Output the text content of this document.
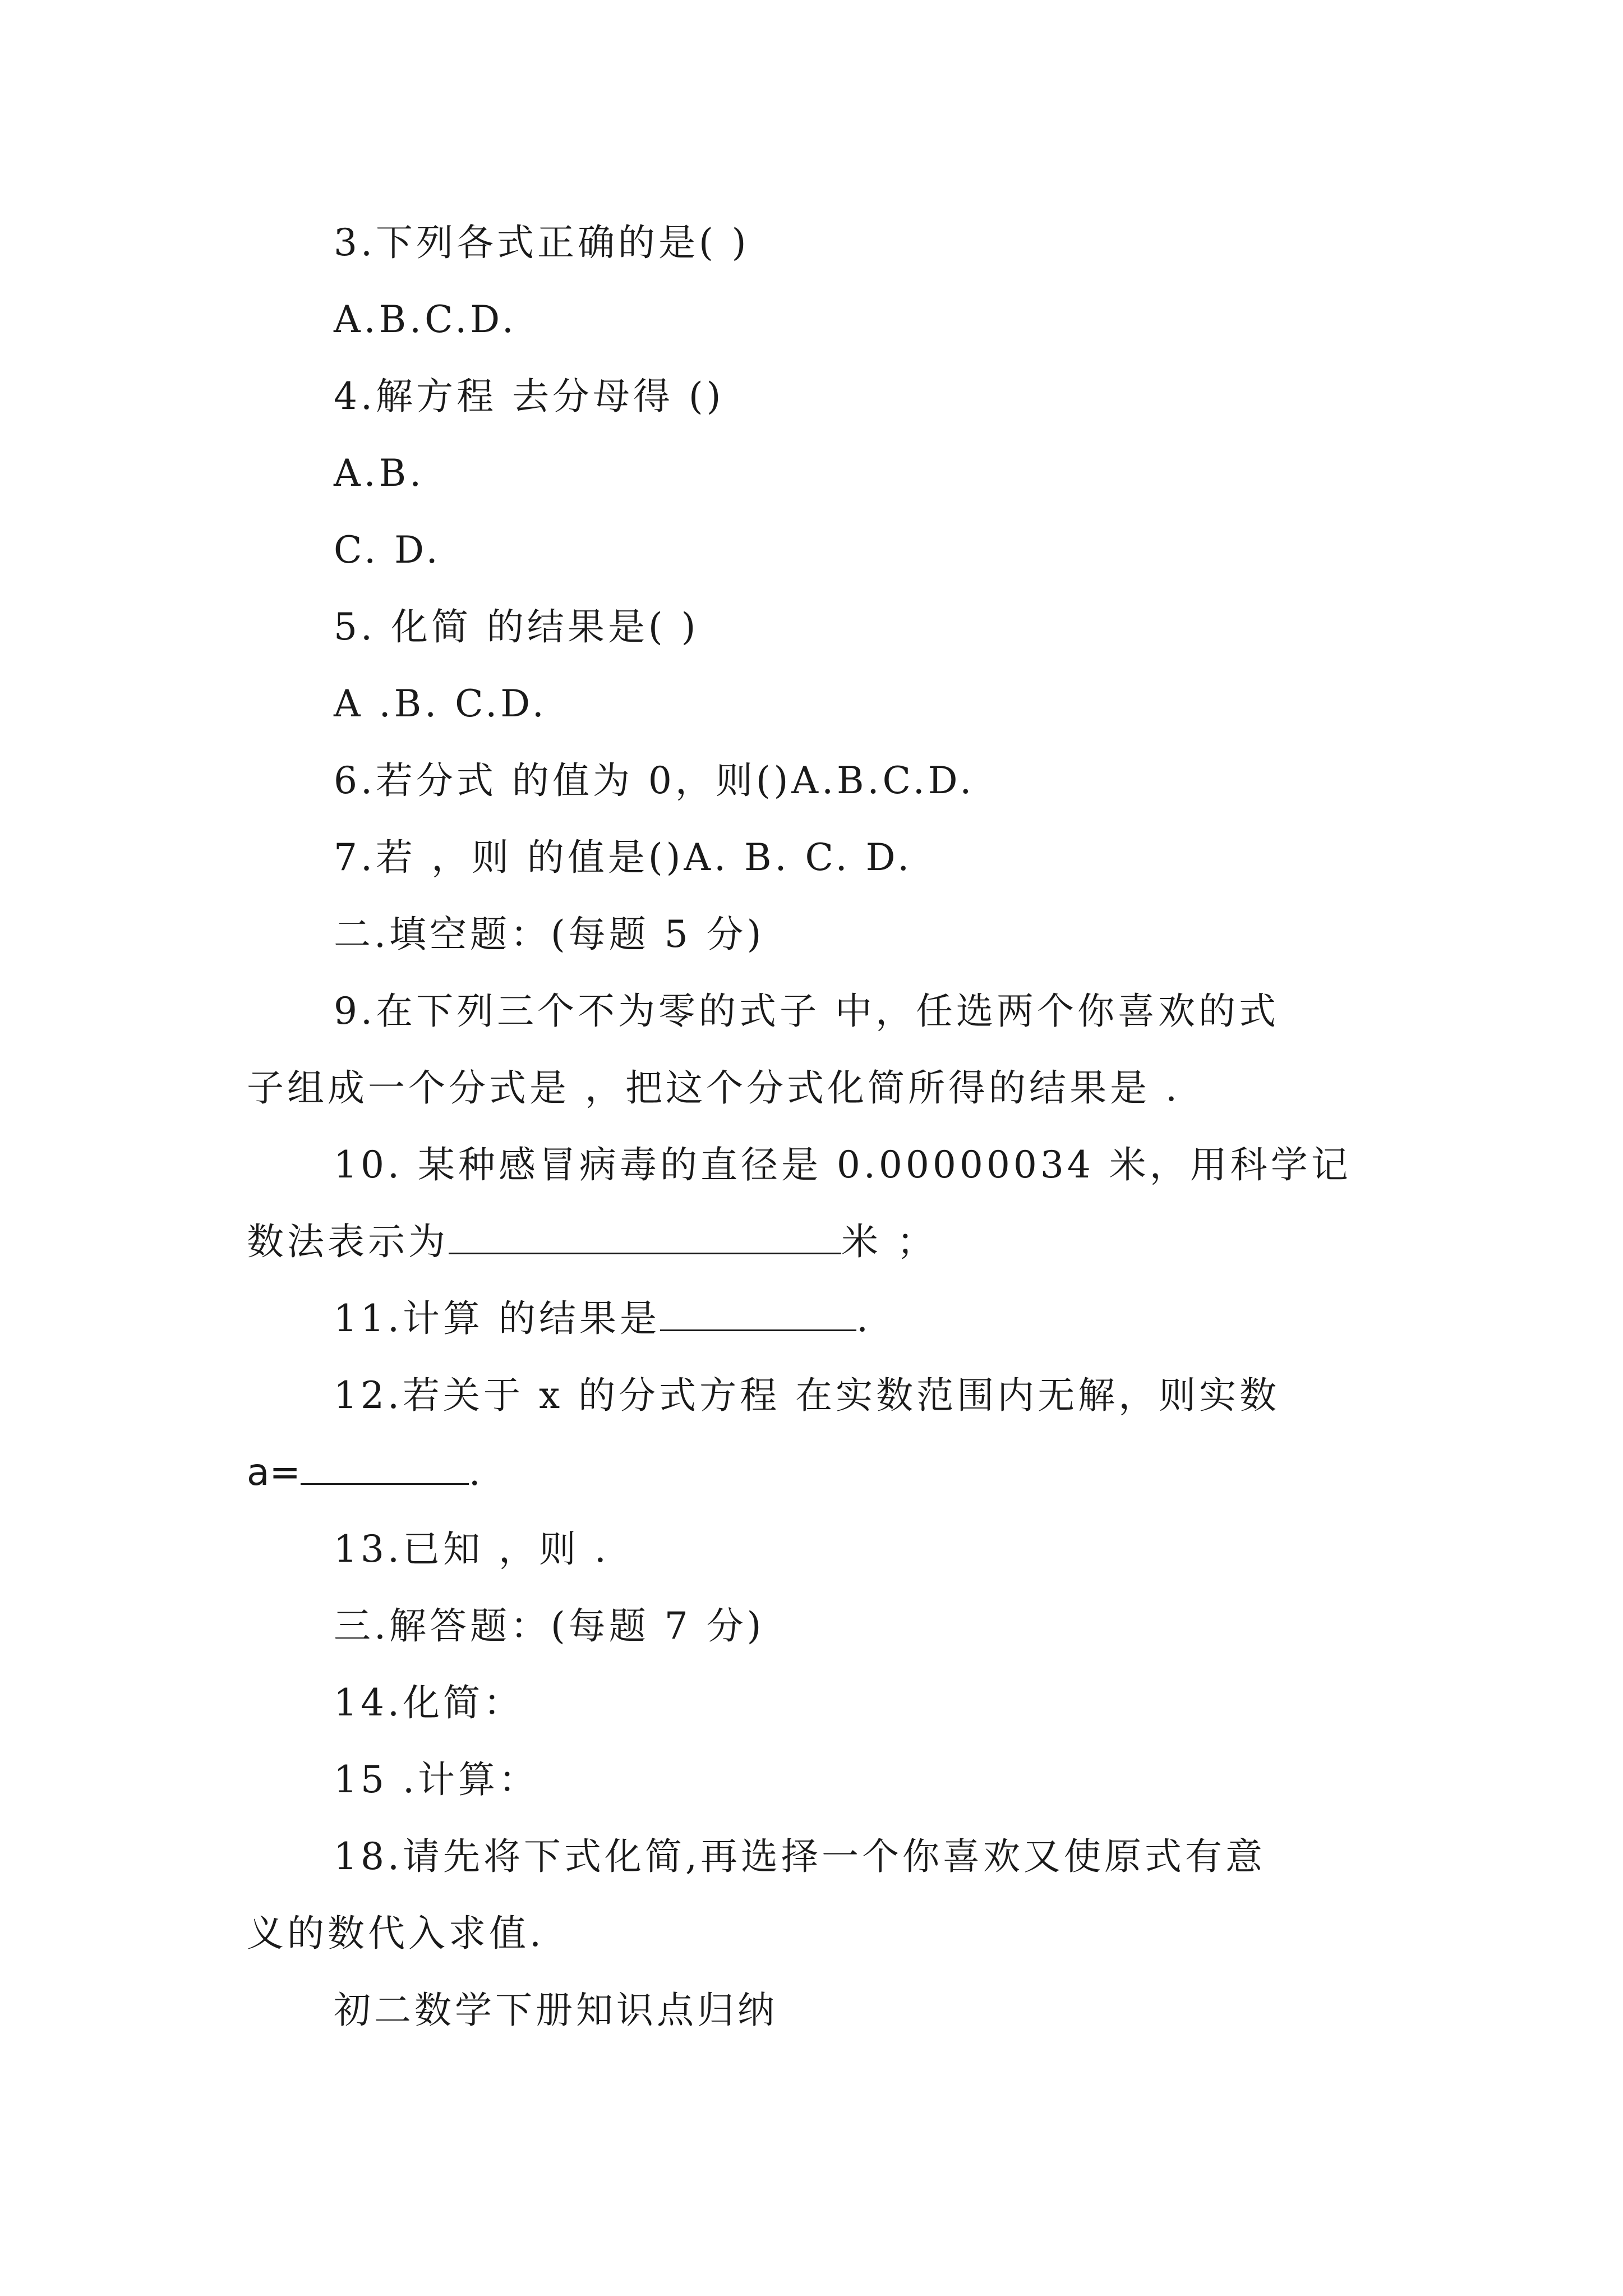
3.下列各式正确的是( )
A.B.C.D.
4.解方程 去分母得 ()
A.B.
C. D.
5. 化简 的结果是( )
A .B. C.D.
6.若分式 的值为 0，则()A.B.C.D.
7.若 ，则 的值是()A. B. C. D.
二.填空题：(每题 5 分)
9.在下列三个不为零的式子 中，任选两个你喜欢的式
子组成一个分式是 ，把这个分式化简所得的结果是 .
10. 某种感冒病毒的直径是 0.00000034 米，用科学记
数法表示为	米 ；
11.计算 的结果是	.
12.若关于 x 的分式方程 在实数范围内无解，则实数
a=	.
13.已知 ，则 .
三.解答题：(每题 7 分)
14.化简：
15 .计算：
18.请先将下式化简,再选择一个你喜欢又使原式有意
义的数代入求值.
初二数学下册知识点归纳
